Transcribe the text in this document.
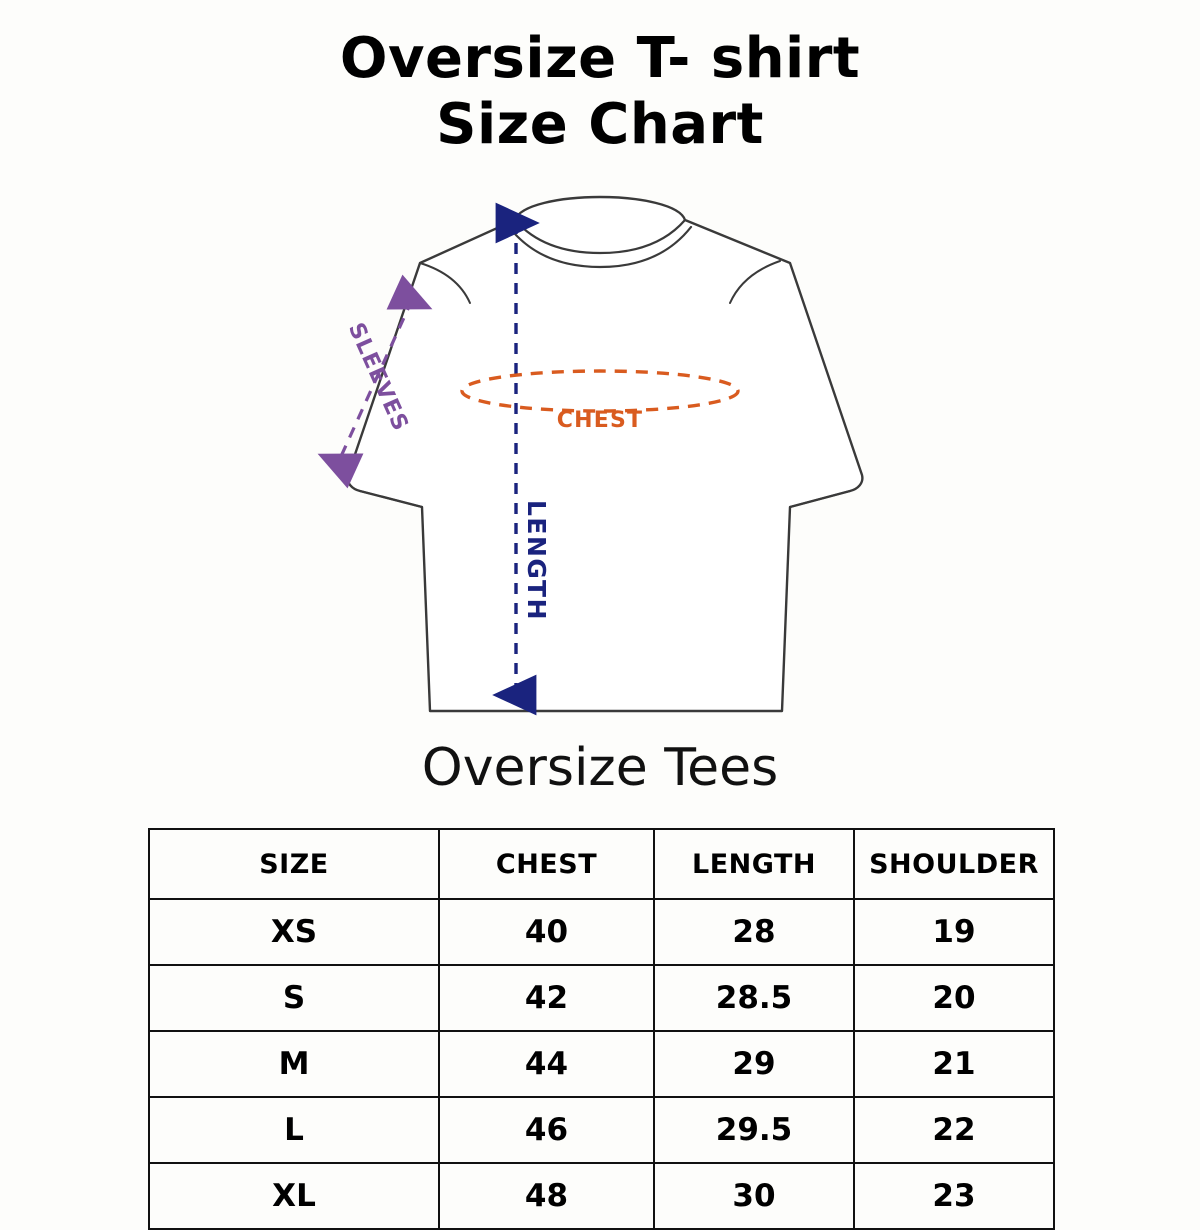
Oversize T- shirt
Size Chart
LENGTH
CHEST
SLEEVES
Oversize Tees
SIZE	CHEST	LENGTH	SHOULDER
XS	40	28	19
S	42	28.5	20
M	44	29	21
L	46	29.5	22
XL	48	30	23
